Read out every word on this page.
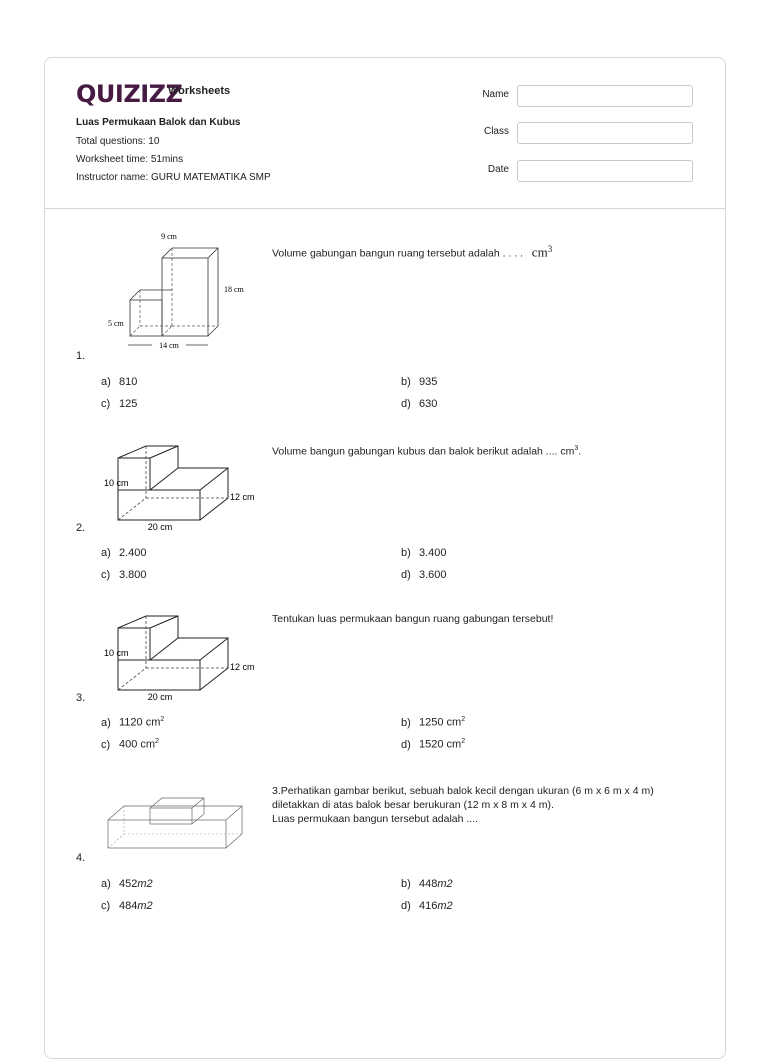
QUIZIZZ
Worksheets
Luas Permukaan Balok dan Kubus
Total questions: 10
Worksheet time: 51mins
Instructor name: GURU MATEMATIKA SMP
Name
Class
Date
9 cm
18 cm
5 cm
14 cm
1.
Volume gabungan bangun ruang tersebut adalah . . . . $cm^3$
a) 810	b) 935
c) 125	d) 630
10 cm
12 cm
20 cm
2.
Volume bangun gabungan kubus dan balok berikut adalah .... $cm^3$.
a) 2.400	b) 3.400
c) 3.800	d) 3.600
10 cm
12 cm
20 cm
3.
Tentukan luas permukaan bangun ruang gabungan tersebut!
a) 1120 $cm^2$	b) 1250 $cm^2$
c) 400 $cm^2$	d) 1520 $cm^2$
4.
3.Perhatikan gambar berikut, sebuah balok kecil dengan ukuran (6 m x 6 m x 4 m) diletakkan di atas balok besar berukuran (12 m x 8 m x 4 m).
Luas permukaan bangun tersebut adalah ....
a) 452m2	b) 448m2
c) 484m2	d) 416m2
